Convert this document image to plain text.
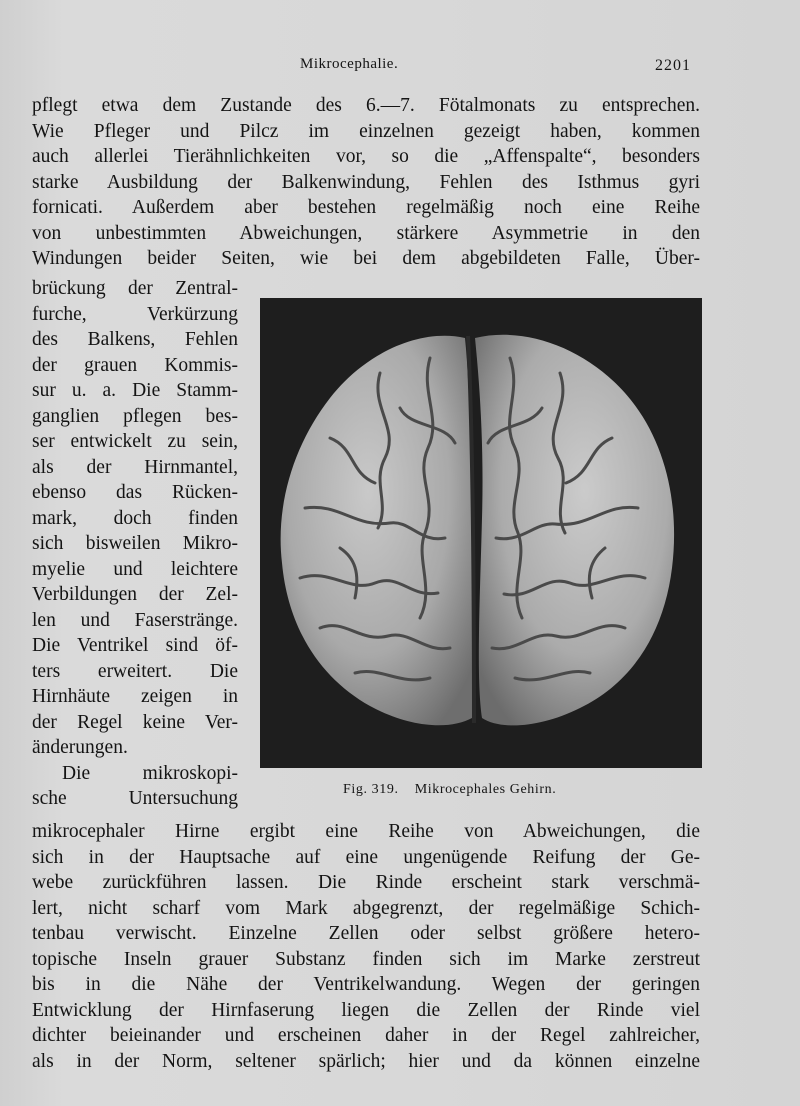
Mikrocephalie.	2201
pflegt etwa dem Zustande des 6.—7. Fötalmonats zu entsprechen.
Wie Pfleger und Pilcz im einzelnen gezeigt haben, kommen
auch allerlei Tierähnlichkeiten vor, so die „Affenspalte“, besonders
starke Ausbildung der Balkenwindung, Fehlen des Isthmus gyri
fornicati. Außerdem aber bestehen regelmäßig noch eine Reihe
von unbestimmten Abweichungen, stärkere Asymmetrie in den
Windungen beider Seiten, wie bei dem abgebildeten Falle, Über-
brückung der Zentral-
furche, Verkürzung
des Balkens, Fehlen
der grauen Kommis-
sur u. a. Die Stamm-
ganglien pflegen bes-
ser entwickelt zu sein,
als der Hirnmantel,
ebenso das Rücken-
mark, doch finden
sich bisweilen Mikro-
myelie und leichtere
Verbildungen der Zel-
len und Faserstränge.
Die Ventrikel sind öf-
ters erweitert. Die
Hirnhäute zeigen in
der Regel keine Ver-
änderungen.
Die mikroskopi-
sche Untersuchung	Fig. 319. Mikrocephales Gehirn.
mikrocephaler Hirne ergibt eine Reihe von Abweichungen, die
sich in der Hauptsache auf eine ungenügende Reifung der Ge-
webe zurückführen lassen. Die Rinde erscheint stark verschmä-
lert, nicht scharf vom Mark abgegrenzt, der regelmäßige Schich-
tenbau verwischt. Einzelne Zellen oder selbst größere hetero-
topische Inseln grauer Substanz finden sich im Marke zerstreut
bis in die Nähe der Ventrikelwandung. Wegen der geringen
Entwicklung der Hirnfaserung liegen die Zellen der Rinde viel
dichter beieinander und erscheinen daher in der Regel zahlreicher,
als in der Norm, seltener spärlich; hier und da können einzelne
